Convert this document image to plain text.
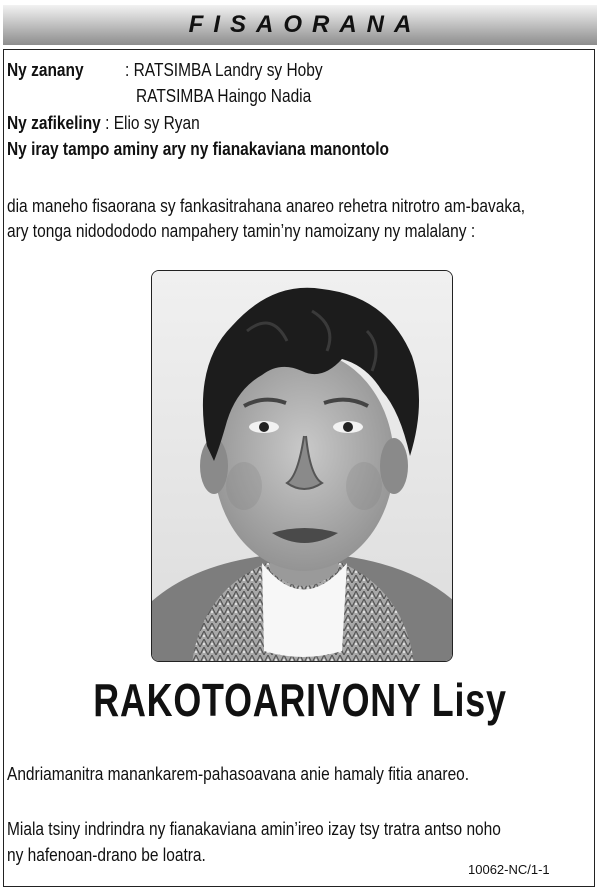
FISAORANA
Ny zanany : RATSIMBA Landry sy Hoby
RATSIMBA Haingo Nadia
Ny zafikeliny : Elio sy Ryan
Ny iray tampo aminy ary ny fianakaviana manontolo
dia maneho fisaorana sy fankasitrahana anareo rehetra nitrotro am-bavaka,
ary tonga nidodododo nampahery tamin’ny namoizany ny malalany :
RAKOTOARIVONY Lisy
Andriamanitra manankarem-pahasoavana anie hamaly fitia anareo.
Miala tsiny indrindra ny fianakaviana amin’ireo izay tsy tratra antso noho
ny hafenoan-drano be loatra.
10062-NC/1-1
